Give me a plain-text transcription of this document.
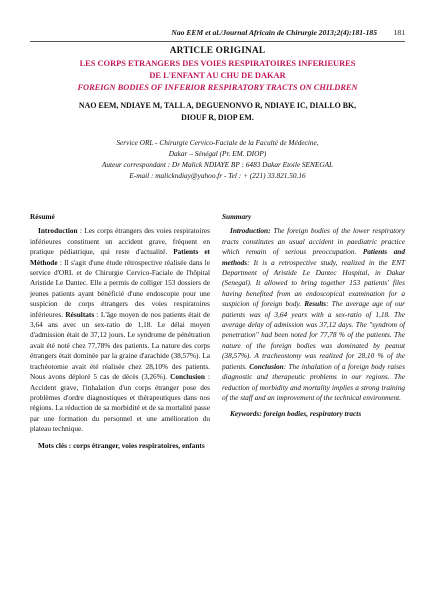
Nao EEM et al./Journal Africain de Chirurgie 2013;2(4):181-185 181
ARTICLE ORIGINAL
LES CORPS ETRANGERS DES VOIES RESPIRATOIRES INFERIEURES
DE L'ENFANT AU CHU DE DAKAR
FOREIGN BODIES OF INFERIOR RESPIRATORY TRACTS ON CHILDREN
NAO EEM, NDIAYE M, TALL A, DEGUENONVO R, NDIAYE IC, DIALLO BK,
DIOUF R, DIOP EM.
Service ORL - Chirurgie Cervico-Faciale de la Faculté de Médecine,
Dakar – Sénégal (Pr. EM. DIOP)
Auteur correspondant : Dr Malick NDIAYE BP : 6483 Dakar Etoile SENEGAL
E-mail : malickndiay@yahoo.fr - Tel : + (221) 33.821.50.16
Résumé

Introduction : Les corps étrangers des voies respiratoires inférieures constituent un accident grave, fréquent en pratique pédiatrique, qui reste d'actualité. Patients et Méthode : Il s'agit d'une étude rétrospective réalisée dans le service d'ORL et de Chirurgie Cervico-Faciale de l'hôpital Aristide Le Dantec. Elle a permis de colliger 153 dossiers de jeunes patients ayant bénéficié d'une endoscopie pour une suspicion de corps étrangers des voies respiratoires inférieures. Résultats : L'âge moyen de nos patients était de 3,64 ans avec un sex-ratio de 1,18. Le délai moyen d'admission était de 37,12 jours. Le syndrome de pénétration avait été noté chez 77,78% des patients. La nature des corps étrangers était dominée par la graine d'arachide (38,57%). La trachéotomie avait été réalisée chez 28,10% des patients. Nous avons déploré 5 cas de décès (3,26%). Conclusion : Accident grave, l'inhalation d'un corps étranger pose des problèmes d'ordre diagnostiques et thérapeutiques dans nos régions. La réduction de sa morbidité et de sa mortalité passe par une formation du personnel et une amélioration du plateau technique.

Mots clés : corps étranger, voies respiratoires, enfants
Summary

Introduction: The foreign bodies of the lower respiratory tracts constitutes an usual accident in paediatric practice which remain of serious preoccupation. Patients and methods: It is a retrospective study, realized in the ENT Department of Aristide Le Dantec Hospital, in Dakar (Senegal). It allowed to bring together 153 patients' files having benefited from an endoscopical examination for a suspicion of foreign body. Results: The average age of our patients was of 3,64 years with a sex-ratio of 1,18. The average delay of admission was 37,12 days. The "syndrom of penetration" had been noted for 77,78 % of the patients. The nature of the foreign bodies was dominated by peanut (38,57%). A tracheostomy was realized for 28,10 % of the patients. Conclusion: The inhalation of a foreign body raises diagnostic and therapeutic problems in our regions. The reduction of morbidity and mortality implies a strong training of the staff and an improvement of the technical environment.

Keywords: foreign bodies, respiratory tracts
